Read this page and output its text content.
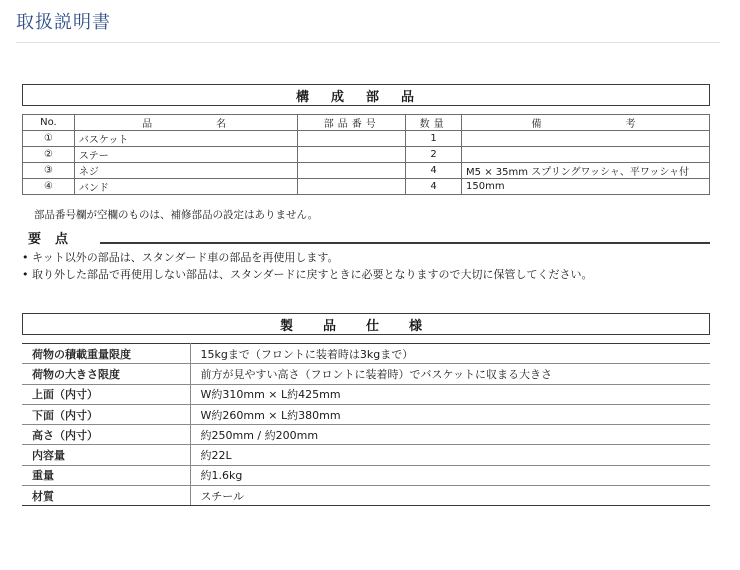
取扱説明書
構成部品
No.	品 名	部品番号	数量	備 考
①	バスケット		1	
②	ステー		2	
③	ネジ		4	M5 × 35mm スプリングワッシャ、平ワッシャ付
④	バンド		4	150mm
部品番号欄が空欄のものは、補修部品の設定はありません。
要点
• キット以外の部品は、スタンダード車の部品を再使用します。
• 取り外した部品で再使用しない部品は、スタンダードに戻すときに必要となりますので大切に保管してください。
製品仕様
荷物の積載重量限度	15kgまで（フロントに装着時は3kgまで）
荷物の大きさ限度	前方が見やすい高さ（フロントに装着時）でバスケットに収まる大きさ
上面（内寸）	W約310mm × L約425mm
下面（内寸）	W約260mm × L約380mm
高さ（内寸）	約250mm / 約200mm
内容量	約22L
重量	約1.6kg
材質	スチール
